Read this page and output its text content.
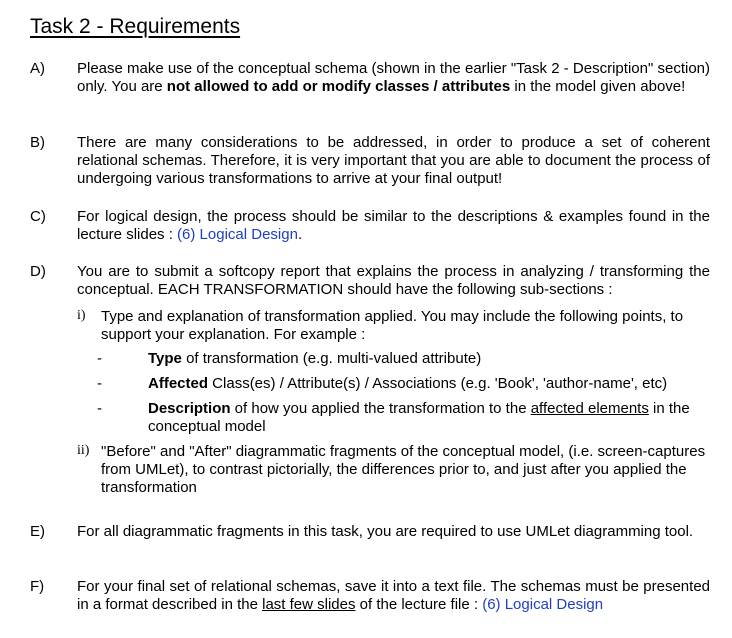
Task 2 - Requirements
A) Please make use of the conceptual schema (shown in the earlier "Task 2 - Description" section) only. You are not allowed to add or modify classes / attributes in the model given above!
B) There are many considerations to be addressed, in order to produce a set of coherent relational schemas. Therefore, it is very important that you are able to document the process of undergoing various transformations to arrive at your final output!
C) For logical design, the process should be similar to the descriptions & examples found in the lecture slides : (6) Logical Design.
D) You are to submit a softcopy report that explains the process in analyzing / transforming the conceptual. EACH TRANSFORMATION should have the following sub-sections :
i) Type and explanation of transformation applied. You may include the following points, to support your explanation. For example :
-	Type of transformation (e.g. multi-valued attribute)
-	Affected Class(es) / Attribute(s) / Associations (e.g. 'Book', 'author-name', etc)
-	Description of how you applied the transformation to the affected elements in the conceptual model
ii) "Before" and "After" diagrammatic fragments of the conceptual model, (i.e. screen-captures from UMLet), to contrast pictorially, the differences prior to, and just after you applied the transformation
E) For all diagrammatic fragments in this task, you are required to use UMLet diagramming tool.
F) For your final set of relational schemas, save it into a text file. The schemas must be presented in a format described in the last few slides of the lecture file : (6) Logical Design
